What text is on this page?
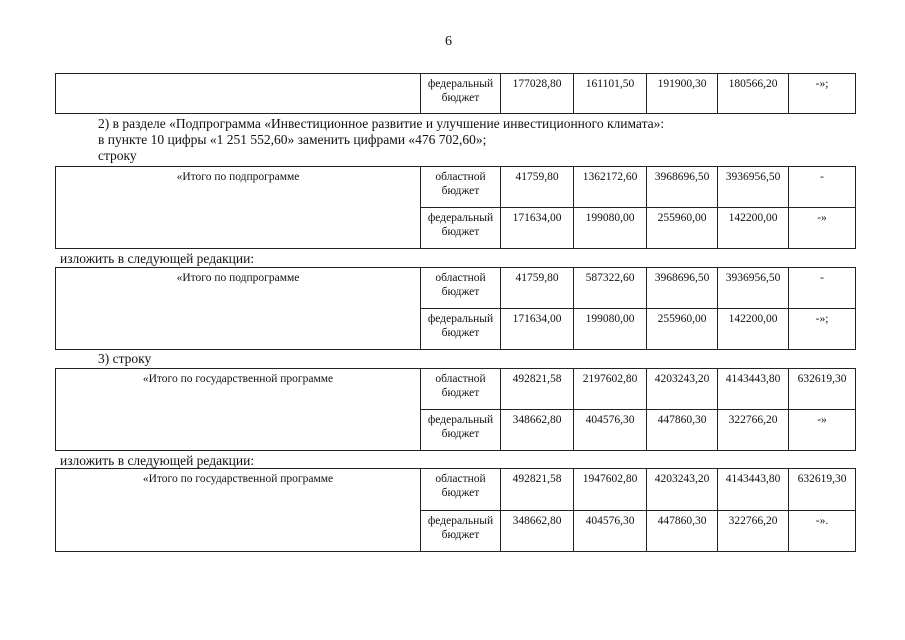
6
	федеральный бюджет	177028,80	161101,50	191900,30	180566,20	-»;
2) в разделе «Подпрограмма «Инвестиционное развитие и улучшение инвестиционного климата»:
в пункте 10 цифры «1 251 552,60» заменить цифрами «476 702,60»;
строку
«Итого по подпрограмме	областной бюджет	41759,80	1362172,60	3968696,50	3936956,50	-
	федеральный бюджет	171634,00	199080,00	255960,00	142200,00	-»
изложить в следующей редакции:
«Итого по подпрограмме	областной бюджет	41759,80	587322,60	3968696,50	3936956,50	-
	федеральный бюджет	171634,00	199080,00	255960,00	142200,00	-»;
3) строку
«Итого по государственной программе	областной бюджет	492821,58	2197602,80	4203243,20	4143443,80	632619,30
	федеральный бюджет	348662,80	404576,30	447860,30	322766,20	-»
изложить в следующей редакции:
«Итого по государственной программе	областной бюджет	492821,58	1947602,80	4203243,20	4143443,80	632619,30
	федеральный бюджет	348662,80	404576,30	447860,30	322766,20	-».
